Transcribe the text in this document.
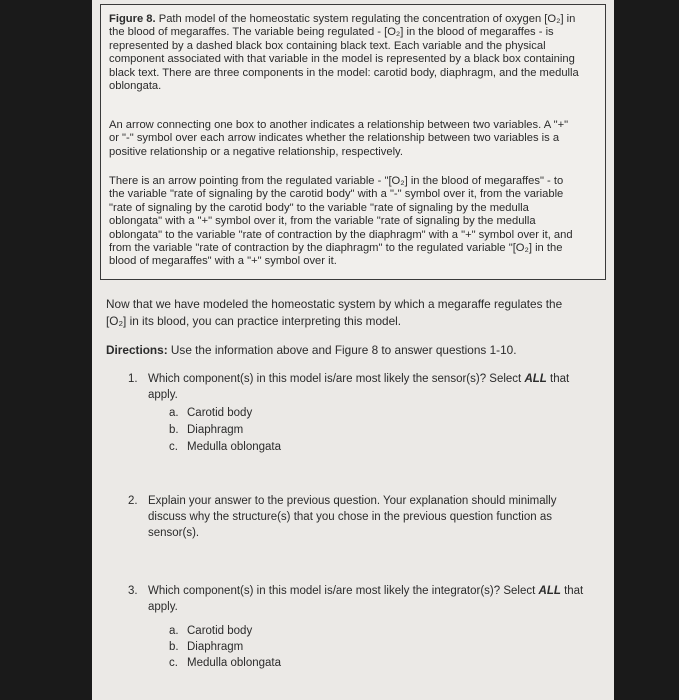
Figure 8. Path model of the homeostatic system regulating the concentration of oxygen [O₂] in
the blood of megaraffes. The variable being regulated - [O₂] in the blood of megaraffes - is
represented by a dashed black box containing black text. Each variable and the physical
component associated with that variable in the model is represented by a black box containing
black text. There are three components in the model: carotid body, diaphragm, and the medulla
oblongata.

An arrow connecting one box to another indicates a relationship between two variables. A "+"
or "-" symbol over each arrow indicates whether the relationship between two variables is a
positive relationship or a negative relationship, respectively.

There is an arrow pointing from the regulated variable - "[O₂] in the blood of megaraffes" - to
the variable "rate of signaling by the carotid body" with a "-" symbol over it, from the variable
"rate of signaling by the carotid body" to the variable "rate of signaling by the medulla
oblongata" with a "+" symbol over it, from the variable "rate of signaling by the medulla
oblongata" to the variable "rate of contraction by the diaphragm" with a "+" symbol over it, and
from the variable "rate of contraction by the diaphragm" to the regulated variable "[O₂] in the
blood of megaraffes" with a "+" symbol over it.

Now that we have modeled the homeostatic system by which a megaraffe regulates the
[O₂] in its blood, you can practice interpreting this model.

Directions: Use the information above and Figure 8 to answer questions 1-10.

1. Which component(s) in this model is/are most likely the sensor(s)? Select ALL that apply.
a. Carotid body
b. Diaphragm
c. Medulla oblongata
2. Explain your answer to the previous question. Your explanation should minimally discuss why the structure(s) that you chose in the previous question function as sensor(s).
3. Which component(s) in this model is/are most likely the integrator(s)? Select ALL that apply.
a. Carotid body
b. Diaphragm
c. Medulla oblongata
